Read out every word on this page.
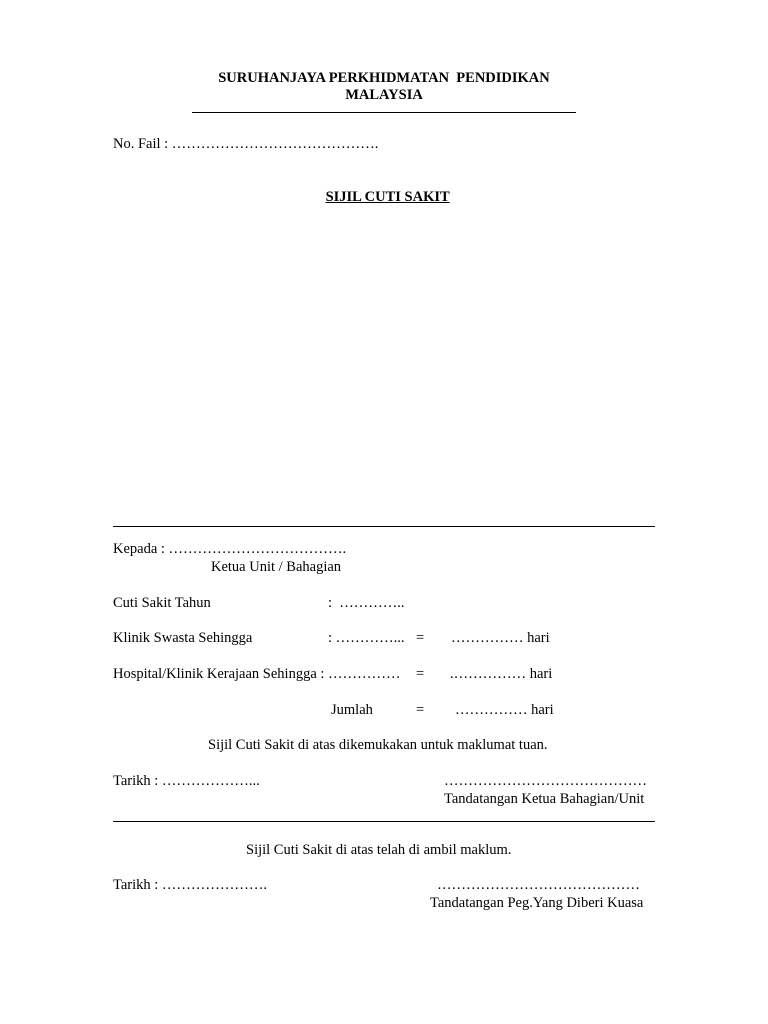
SURUHANJAYA PERKHIDMATAN  PENDIDIKAN
MALAYSIA
No. Fail : …………………………………….

SIJIL CUTI SAKIT

Kepada : ……………………………….
Ketua Unit / Bahagian
Cuti Sakit Tahun	:  …………..
Klinik Swasta Sehingga	: …………... = …………… hari
Hospital/Klinik Kerajaan Sehingga : …………… = .…………… hari
Jumlah	= …………… hari
Sijil Cuti Sakit di atas dikemukakan untuk maklumat tuan.
Tarikh : ………………...	……………………………………
Tandatangan Ketua Bahagian/Unit
Sijil Cuti Sakit di atas telah di ambil maklum.
Tarikh : ………………….	……………………………………
Tandatangan Peg.Yang Diberi Kuasa
